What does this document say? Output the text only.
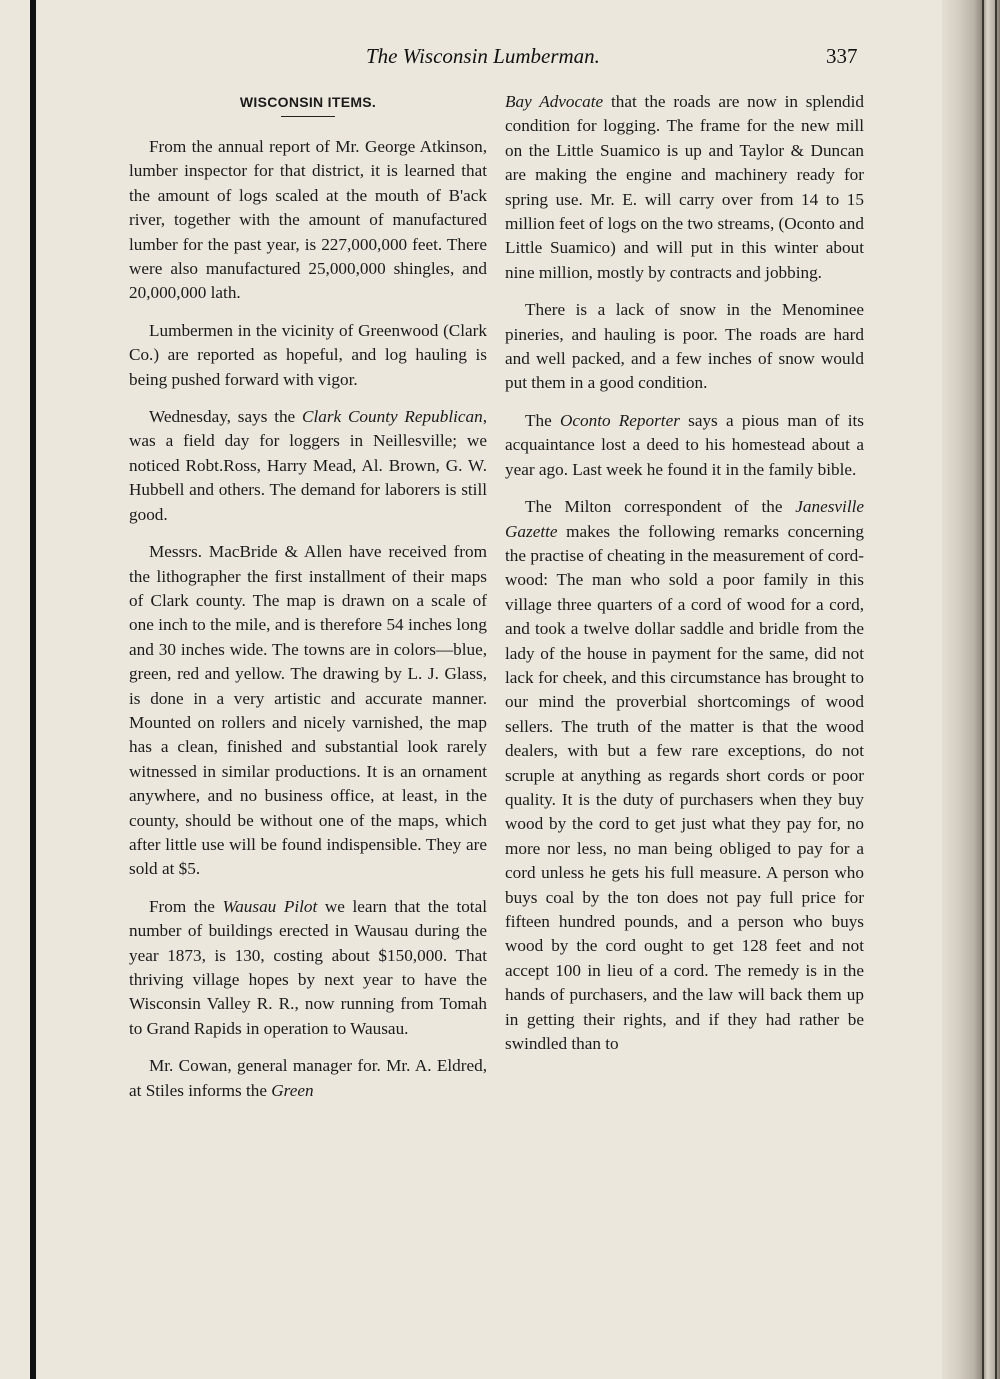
The Wisconsin Lumberman.	337
WISCONSIN ITEMS.

From the annual report of Mr. George Atkinson, lumber inspector for that district, it is learned that the amount of logs scaled at the mouth of B'ack river, together with the amount of manufactured lumber for the past year, is 227,000,000 feet. There were also manufactured 25,000,000 shingles, and 20,000,000 lath.

Lumbermen in the vicinity of Greenwood (Clark Co.) are reported as hopeful, and log hauling is being pushed forward with vigor.

Wednesday, says the Clark County Republican, was a field day for loggers in Neillesville; we noticed Robt.Ross, Harry Mead, Al. Brown, G. W. Hubbell and others. The demand for laborers is still good.

Messrs. MacBride & Allen have received from the lithographer the first installment of their maps of Clark county. The map is drawn on a scale of one inch to the mile, and is therefore 54 inches long and 30 inches wide. The towns are in colors—blue, green, red and yellow. The drawing by L. J. Glass, is done in a very artistic and accurate manner. Mounted on rollers and nicely varnished, the map has a clean, finished and substantial look rarely witnessed in similar productions. It is an ornament anywhere, and no business office, at least, in the county, should be without one of the maps, which after little use will be found indispensible. They are sold at $5.

From the Wausau Pilot we learn that the total number of buildings erected in Wausau during the year 1873, is 130, costing about $150,000. That thriving village hopes by next year to have the Wisconsin Valley R. R., now running from Tomah to Grand Rapids in operation to Wausau.

Mr. Cowan, general manager for. Mr. A. Eldred, at Stiles informs the Green

Bay Advocate that the roads are now in splendid condition for logging. The frame for the new mill on the Little Suamico is up and Taylor & Duncan are making the engine and machinery ready for spring use. Mr. E. will carry over from 14 to 15 million feet of logs on the two streams, (Oconto and Little Suamico) and will put in this winter about nine million, mostly by contracts and jobbing.

There is a lack of snow in the Menominee pineries, and hauling is poor. The roads are hard and well packed, and a few inches of snow would put them in a good condition.

The Oconto Reporter says a pious man of its acquaintance lost a deed to his homestead about a year ago. Last week he found it in the family bible.

The Milton correspondent of the Janesville Gazette makes the following remarks concerning the practise of cheating in the measurement of cord-wood: The man who sold a poor family in this village three quarters of a cord of wood for a cord, and took a twelve dollar saddle and bridle from the lady of the house in payment for the same, did not lack for cheek, and this circumstance has brought to our mind the proverbial shortcomings of wood sellers. The truth of the matter is that the wood dealers, with but a few rare exceptions, do not scruple at anything as regards short cords or poor quality. It is the duty of purchasers when they buy wood by the cord to get just what they pay for, no more nor less, no man being obliged to pay for a cord unless he gets his full measure. A person who buys coal by the ton does not pay full price for fifteen hundred pounds, and a person who buys wood by the cord ought to get 128 feet and not accept 100 in lieu of a cord. The remedy is in the hands of purchasers, and the law will back them up in getting their rights, and if they had rather be swindled than to
